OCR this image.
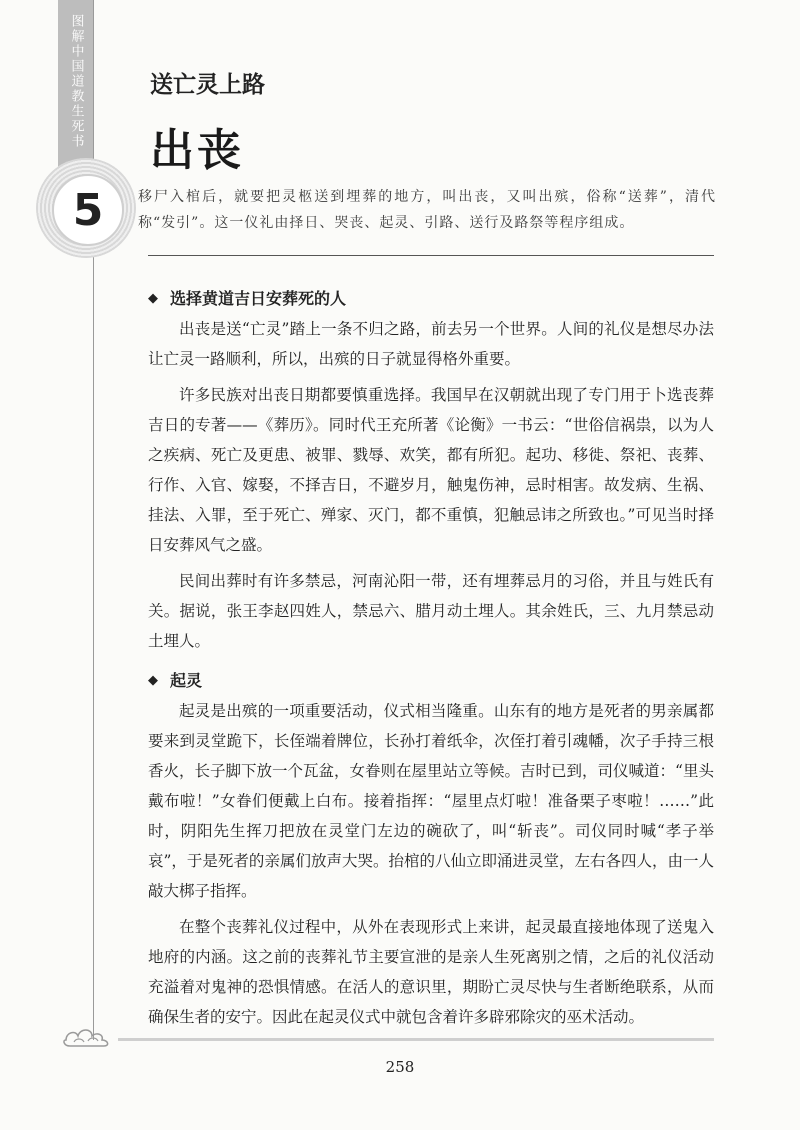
图解中国道教生死书
5
送亡灵上路
出丧
移尸入棺后，就要把灵柩送到埋葬的地方，叫出丧，又叫出殡，俗称“送葬”，清代称“发引”。这一仪礼由择日、哭丧、起灵、引路、送行及路祭等程序组成。
◆ 选择黄道吉日安葬死的人

出丧是送“亡灵”踏上一条不归之路，前去另一个世界。人间的礼仪是想尽办法让亡灵一路顺利，所以，出殡的日子就显得格外重要。

许多民族对出丧日期都要慎重选择。我国早在汉朝就出现了专门用于卜选丧葬吉日的专著——《葬历》。同时代王充所著《论衡》一书云：“世俗信祸祟，以为人之疾病、死亡及更患、被罪、戮辱、欢笑，都有所犯。起功、移徙、祭祀、丧葬、行作、入官、嫁娶，不择吉日，不避岁月，触鬼伤神，忌时相害。故发病、生祸、挂法、入罪，至于死亡、殚家、灭门，都不重慎，犯触忌讳之所致也。”可见当时择日安葬风气之盛。

民间出葬时有许多禁忌，河南沁阳一带，还有埋葬忌月的习俗，并且与姓氏有关。据说，张王李赵四姓人，禁忌六、腊月动土埋人。其余姓氏，三、九月禁忌动土埋人。

◆ 起灵

起灵是出殡的一项重要活动，仪式相当隆重。山东有的地方是死者的男亲属都要来到灵堂跪下，长侄端着牌位，长孙打着纸伞，次侄打着引魂幡，次子手持三根香火，长子脚下放一个瓦盆，女眷则在屋里站立等候。吉时已到，司仪喊道：“里头戴布啦！”女眷们便戴上白布。接着指挥：“屋里点灯啦！准备栗子枣啦！……”此时，阴阳先生挥刀把放在灵堂门左边的碗砍了，叫“斩丧”。司仪同时喊“孝子举哀”，于是死者的亲属们放声大哭。抬棺的八仙立即涌进灵堂，左右各四人，由一人敲大梆子指挥。

在整个丧葬礼仪过程中，从外在表现形式上来讲，起灵最直接地体现了送鬼入地府的内涵。这之前的丧葬礼节主要宣泄的是亲人生死离别之情，之后的礼仪活动充溢着对鬼神的恐惧情感。在活人的意识里，期盼亡灵尽快与生者断绝联系，从而确保生者的安宁。因此在起灵仪式中就包含着许多辟邪除灾的巫术活动。

258
